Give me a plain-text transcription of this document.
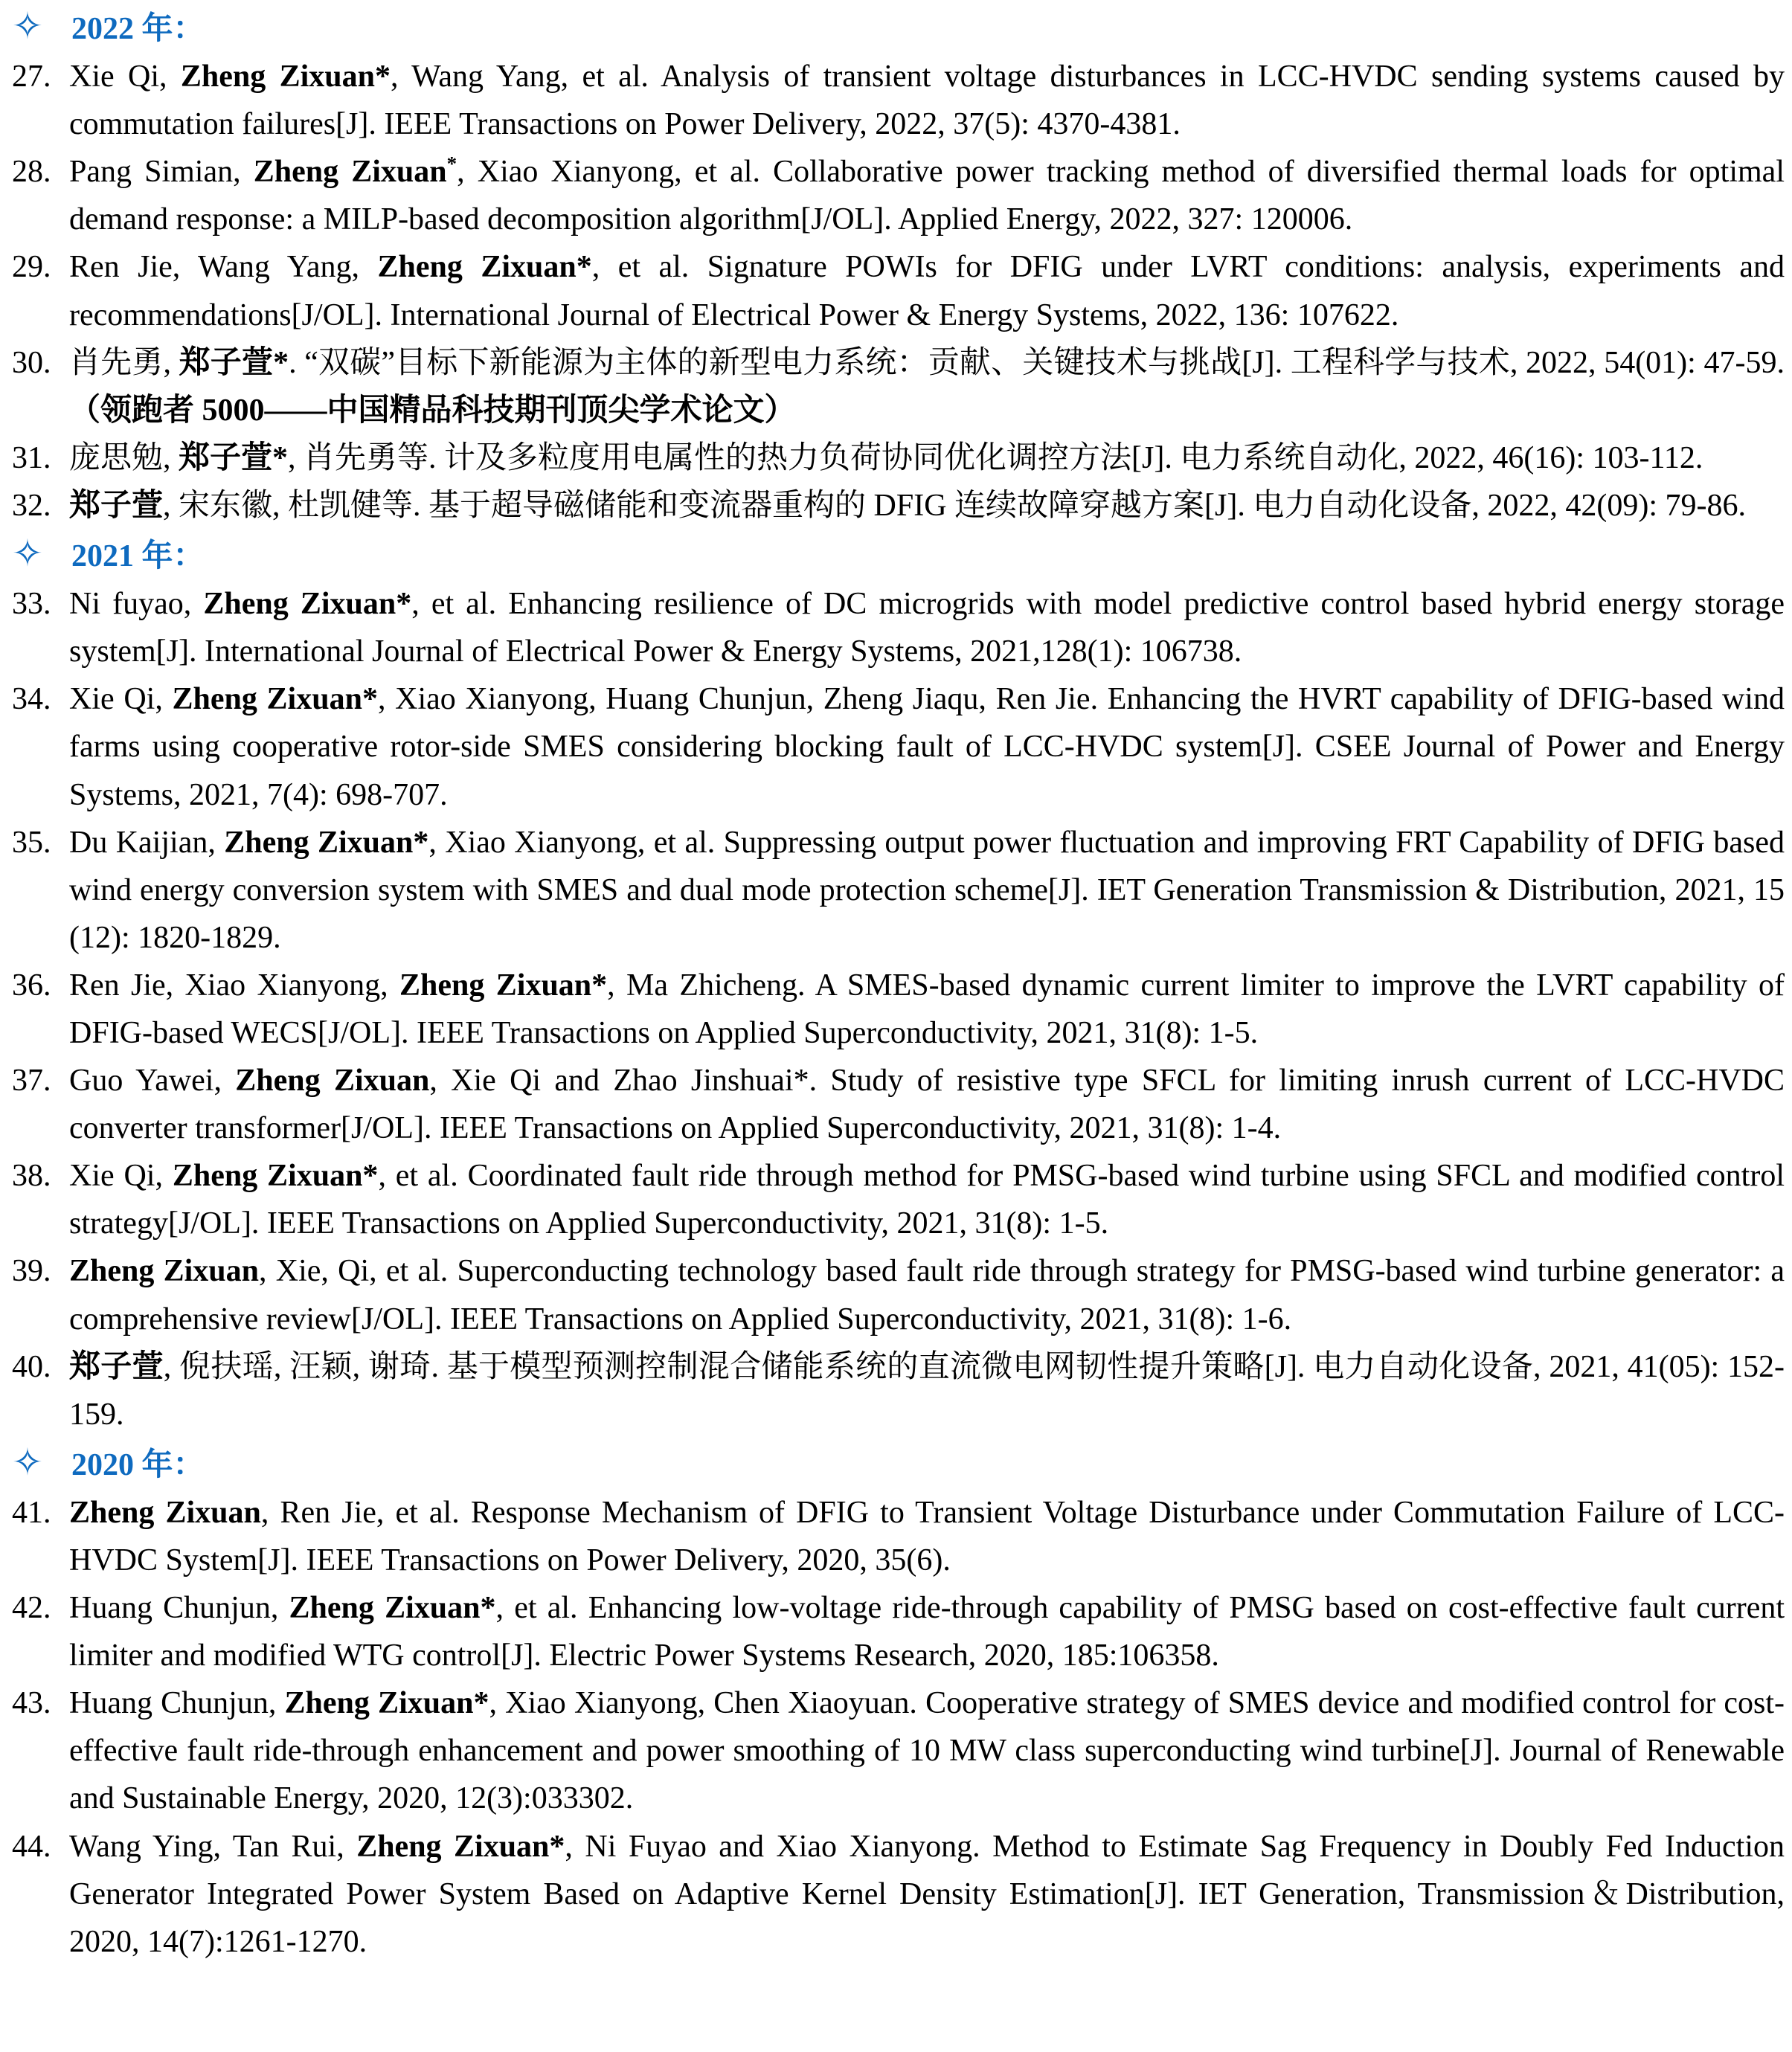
✧ 2022 年：
27. Xie Qi, Zheng Zixuan*, Wang Yang, et al. Analysis of transient voltage disturbances in LCC-HVDC sending systems caused by commutation failures[J]. IEEE Transactions on Power Delivery, 2022, 37(5): 4370-4381.
28. Pang Simian, Zheng Zixuan*, Xiao Xianyong, et al. Collaborative power tracking method of diversified thermal loads for optimal demand response: a MILP-based decomposition algorithm[J/OL]. Applied Energy, 2022, 327: 120006.
29. Ren Jie, Wang Yang, Zheng Zixuan*, et al. Signature POWIs for DFIG under LVRT conditions: analysis, experiments and recommendations[J/OL]. International Journal of Electrical Power & Energy Systems, 2022, 136: 107622.
30. 肖先勇, 郑子萱*. “双碳”目标下新能源为主体的新型电力系统：贡献、关键技术与挑战[J]. 工程科学与技术, 2022, 54(01): 47-59. （领跑者 5000——中国精品科技期刊顶尖学术论文）
31. 庞思勉, 郑子萱*, 肖先勇等. 计及多粒度用电属性的热力负荷协同优化调控方法[J]. 电力系统自动化, 2022, 46(16): 103-112.
32. 郑子萱, 宋东徽, 杜凯健等. 基于超导磁储能和变流器重构的 DFIG 连续故障穿越方案[J]. 电力自动化设备, 2022, 42(09): 79-86.
✧ 2021 年：
33. Ni fuyao, Zheng Zixuan*, et al. Enhancing resilience of DC microgrids with model predictive control based hybrid energy storage system[J]. International Journal of Electrical Power & Energy Systems, 2021,128(1): 106738.
34. Xie Qi, Zheng Zixuan*, Xiao Xianyong, Huang Chunjun, Zheng Jiaqu, Ren Jie. Enhancing the HVRT capability of DFIG-based wind farms using cooperative rotor-side SMES considering blocking fault of LCC-HVDC system[J]. CSEE Journal of Power and Energy Systems, 2021, 7(4): 698-707.
35. Du Kaijian, Zheng Zixuan*, Xiao Xianyong, et al. Suppressing output power fluctuation and improving FRT Capability of DFIG based wind energy conversion system with SMES and dual mode protection scheme[J]. IET Generation Transmission & Distribution, 2021, 15 (12): 1820-1829.
36. Ren Jie, Xiao Xianyong, Zheng Zixuan*, Ma Zhicheng. A SMES-based dynamic current limiter to improve the LVRT capability of DFIG-based WECS[J/OL]. IEEE Transactions on Applied Superconductivity, 2021, 31(8): 1-5.
37. Guo Yawei, Zheng Zixuan, Xie Qi and Zhao Jinshuai*. Study of resistive type SFCL for limiting inrush current of LCC-HVDC converter transformer[J/OL]. IEEE Transactions on Applied Superconductivity, 2021, 31(8): 1-4.
38. Xie Qi, Zheng Zixuan*, et al. Coordinated fault ride through method for PMSG-based wind turbine using SFCL and modified control strategy[J/OL]. IEEE Transactions on Applied Superconductivity, 2021, 31(8): 1-5.
39. Zheng Zixuan, Xie, Qi, et al. Superconducting technology based fault ride through strategy for PMSG-based wind turbine generator: a comprehensive review[J/OL]. IEEE Transactions on Applied Superconductivity, 2021, 31(8): 1-6.
40. 郑子萱, 倪扶瑶, 汪颖, 谢琦. 基于模型预测控制混合储能系统的直流微电网韧性提升策略[J]. 电力自动化设备, 2021, 41(05): 152-159.
✧ 2020 年：
41. Zheng Zixuan, Ren Jie, et al. Response Mechanism of DFIG to Transient Voltage Disturbance under Commutation Failure of LCC-HVDC System[J]. IEEE Transactions on Power Delivery, 2020, 35(6).
42. Huang Chunjun, Zheng Zixuan*, et al. Enhancing low-voltage ride-through capability of PMSG based on cost-effective fault current limiter and modified WTG control[J]. Electric Power Systems Research, 2020, 185:106358.
43. Huang Chunjun, Zheng Zixuan*, Xiao Xianyong, Chen Xiaoyuan. Cooperative strategy of SMES device and modified control for cost-effective fault ride-through enhancement and power smoothing of 10 MW class superconducting wind turbine[J]. Journal of Renewable and Sustainable Energy, 2020, 12(3):033302.
44. Wang Ying, Tan Rui, Zheng Zixuan*, Ni Fuyao and Xiao Xianyong. Method to Estimate Sag Frequency in Doubly Fed Induction Generator Integrated Power System Based on Adaptive Kernel Density Estimation[J]. IET Generation, Transmission＆Distribution, 2020, 14(7):1261-1270.
